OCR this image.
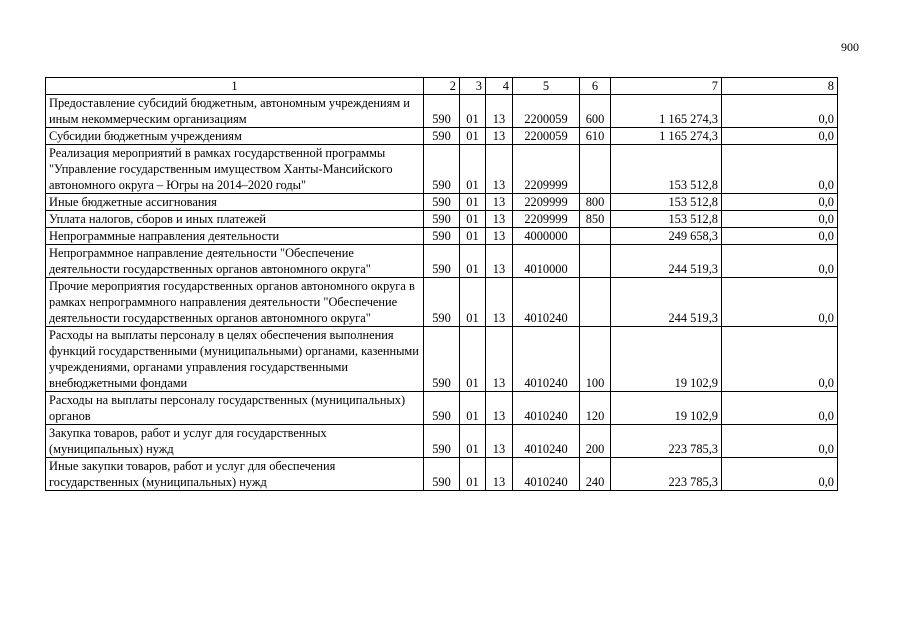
900
1	2	3	4	5	6	7	8
Предоставление субсидий бюджетным, автономным учреждениям и иным некоммерческим организациям	590	01	13	2200059	600	1 165 274,3	0,0
Субсидии бюджетным учреждениям	590	01	13	2200059	610	1 165 274,3	0,0
Реализация мероприятий в рамках государственной программы "Управление государственным имуществом Ханты-Мансийского автономного округа – Югры на 2014–2020 годы"	590	01	13	2209999		153 512,8	0,0
Иные бюджетные ассигнования	590	01	13	2209999	800	153 512,8	0,0
Уплата налогов, сборов и иных платежей	590	01	13	2209999	850	153 512,8	0,0
Непрограммные направления деятельности	590	01	13	4000000		249 658,3	0,0
Непрограммное направление деятельности "Обеспечение деятельности государственных органов автономного округа"	590	01	13	4010000		244 519,3	0,0
Прочие мероприятия государственных органов автономного округа в рамках непрограммного направления деятельности "Обеспечение деятельности государственных органов автономного округа"	590	01	13	4010240		244 519,3	0,0
Расходы на выплаты персоналу в целях обеспечения выполнения функций государственными (муниципальными) органами, казенными учреждениями, органами управления государственными внебюджетными фондами	590	01	13	4010240	100	19 102,9	0,0
Расходы на выплаты персоналу государственных (муниципальных) органов	590	01	13	4010240	120	19 102,9	0,0
Закупка товаров, работ и услуг для государственных (муниципальных) нужд	590	01	13	4010240	200	223 785,3	0,0
Иные закупки товаров, работ и услуг для обеспечения государственных (муниципальных) нужд	590	01	13	4010240	240	223 785,3	0,0
